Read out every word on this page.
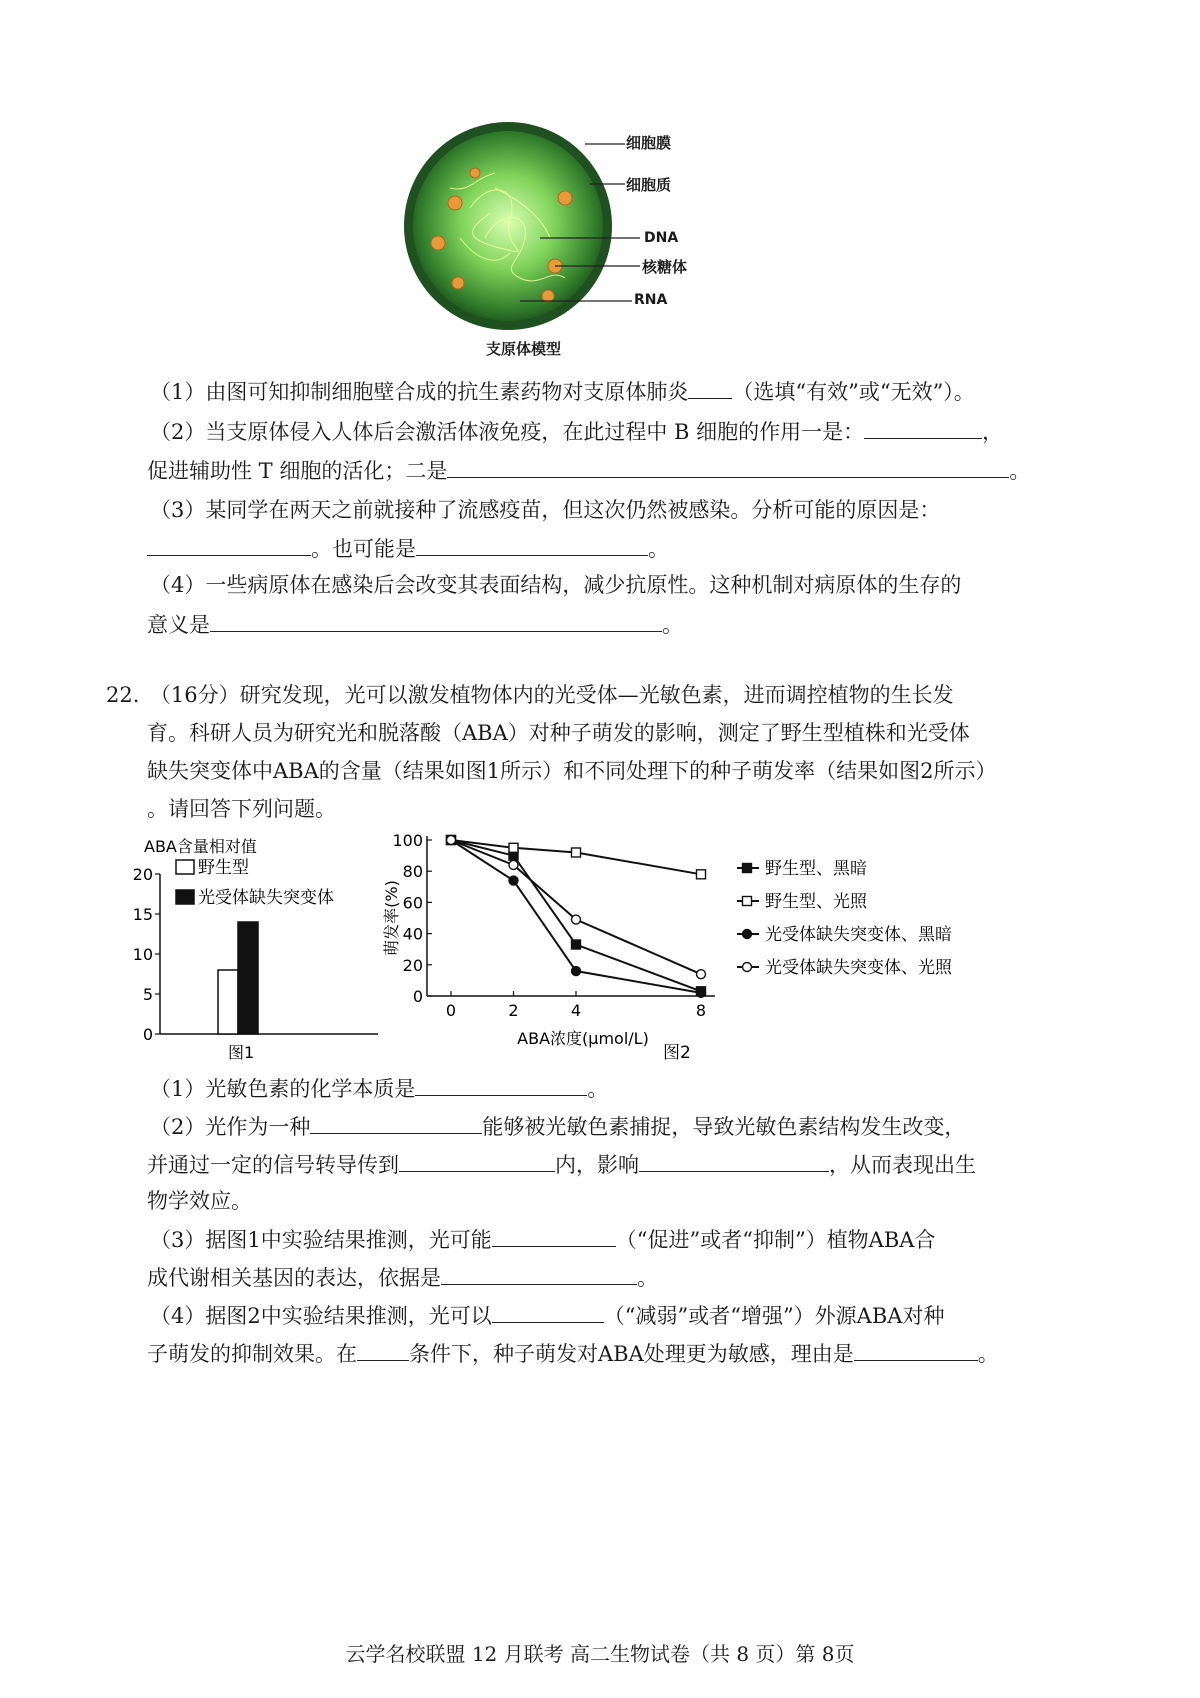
细胞膜
细胞质
DNA
核糖体
RNA
支原体模型
（1）由图可知抑制细胞壁合成的抗生素药物对支原体肺炎 （选填“有效”或“无效”）。
（2）当支原体侵入人体后会激活体液免疫，在此过程中 B 细胞的作用一是：	，
促进辅助性 T 细胞的活化；二是	。
（3）某同学在两天之前就接种了流感疫苗，但这次仍然被感染。分析可能的原因是：
。也可能是	。
（4）一些病原体在感染后会改变其表面结构，减少抗原性。这种机制对病原体的生存的
意义是	。
22.　（16分）研究发现，光可以激发植物体内的光受体—光敏色素，进而调控植物的生长发
育。科研人员为研究光和脱落酸（ABA）对种子萌发的影响，测定了野生型植株和光受体
缺失突变体中ABA的含量（结果如图1所示）和不同处理下的种子萌发率（结果如图2所示）
。请回答下列问题。
ABA含量相对值
0
5
10
15
20	野生型
光受体缺失突变体
图1
0
20
40
60
80
100
0	2	4	8
萌发率(%)
ABA浓度(μmol/L)
图2
野生型、黑暗
野生型、光照
光受体缺失突变体、黑暗
光受体缺失突变体、光照
（1）光敏色素的化学本质是	。
（2）光作为一种	能够被光敏色素捕捉，导致光敏色素结构发生改变，
并通过一定的信号转导传到	内，影响	，从而表现出生
物学效应。
（3）据图1中实验结果推测，光可能	（“促进”或者“抑制”）植物ABA合
成代谢相关基因的表达，依据是	。
（4）据图2中实验结果推测，光可以	（“减弱”或者“增强”）外源ABA对种
子萌发的抑制效果。在 条件下，种子萌发对ABA处理更为敏感，理由是	。
云学名校联盟 12 月联考 高二生物试卷（共 8 页）第 8页
